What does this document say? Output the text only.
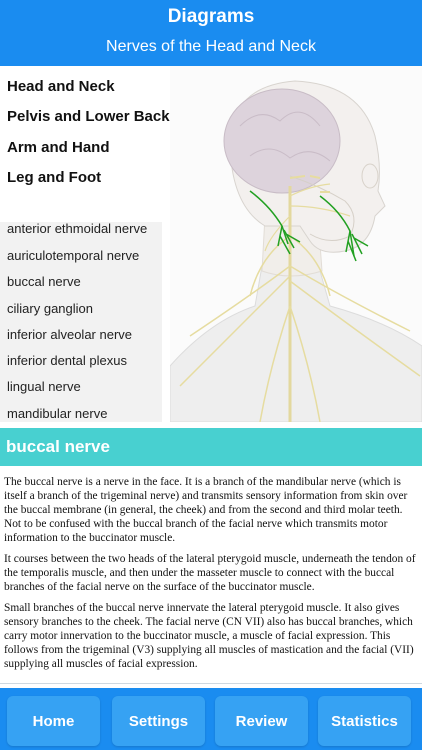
Diagrams
Nerves of the Head and Neck
Head and Neck
Pelvis and Lower Back
Arm and Hand
Leg and Foot
anterior ethmoidal nerve
auriculotemporal nerve
buccal nerve
ciliary ganglion
inferior alveolar nerve
inferior dental plexus
lingual nerve
mandibular nerve
buccal nerve

The buccal nerve is a nerve in the face. It is a branch of the mandibular nerve (which is itself a branch of the trigeminal nerve) and transmits sensory information from skin over the buccal membrane (in general, the cheek) and from the second and third molar teeth. Not to be confused with the buccal branch of the facial nerve which transmits motor information to the buccinator muscle.

It courses between the two heads of the lateral pterygoid muscle, underneath the tendon of the temporalis muscle, and then under the masseter muscle to connect with the buccal branches of the facial nerve on the surface of the buccinator muscle.

Small branches of the buccal nerve innervate the lateral pterygoid muscle. It also gives sensory branches to the cheek. The facial nerve (CN VII) also has buccal branches, which carry motor innervation to the buccinator muscle, a muscle of facial expression. This follows from the trigeminal (V3) supplying all muscles of mastication and the facial (VII) supplying all muscles of facial expression.

Home	Settings	Review	Statistics
